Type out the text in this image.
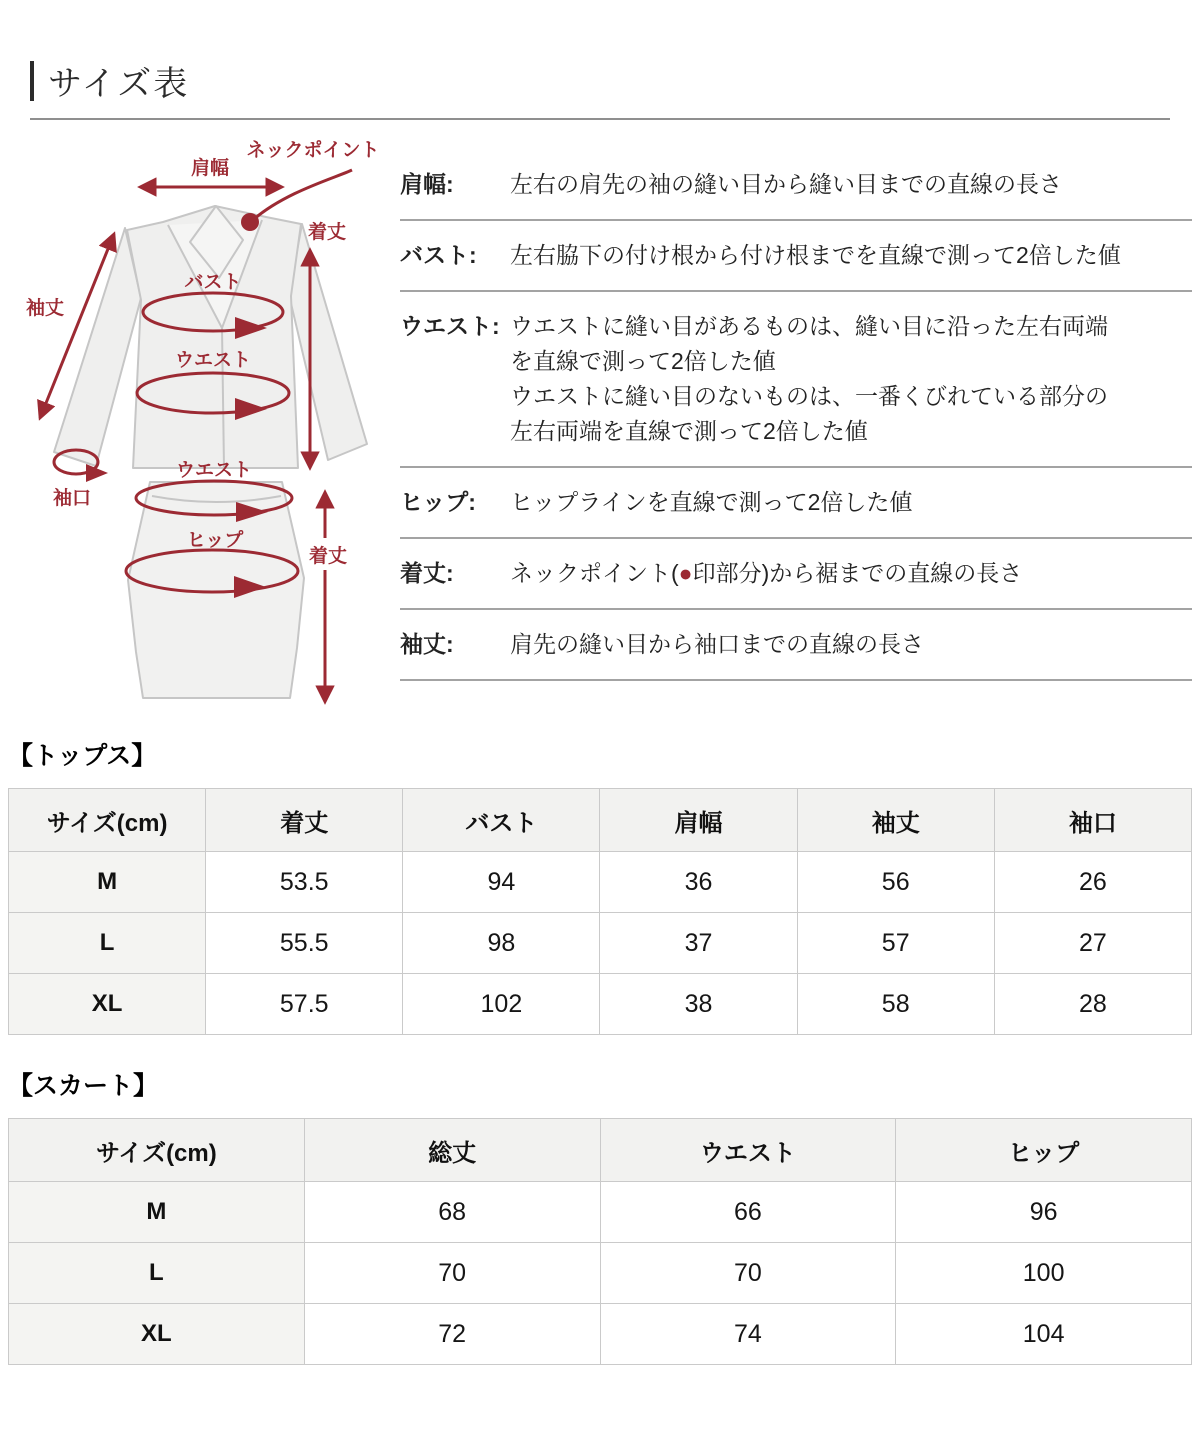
サイズ表
肩幅
ネックポイント
着丈
袖丈
バスト
ウエスト
袖口
ウエスト
ヒップ
着丈
肩幅:	左右の肩先の袖の縫い目から縫い目までの直線の長さ
バスト:	左右脇下の付け根から付け根までを直線で測って2倍した値
ウエスト: ウエストに縫い目があるものは、縫い目に沿った左右両端
を直線で測って2倍した値
ウエストに縫い目のないものは、一番くびれている部分の
左右両端を直線で測って2倍した値
ヒップ:	ヒップラインを直線で測って2倍した値
着丈:	ネックポイント(●印部分)から裾までの直線の長さ
袖丈:	肩先の縫い目から袖口までの直線の長さ
【トップス】
サイズ(cm)	着丈	バスト	肩幅	袖丈	袖口
M	53.5	94	36	56	26
L	55.5	98	37	57	27
XL	57.5	102	38	58	28
【スカート】
サイズ(cm)	総丈	ウエスト	ヒップ
M	68	66	96
L	70	70	100
XL	72	74	104
